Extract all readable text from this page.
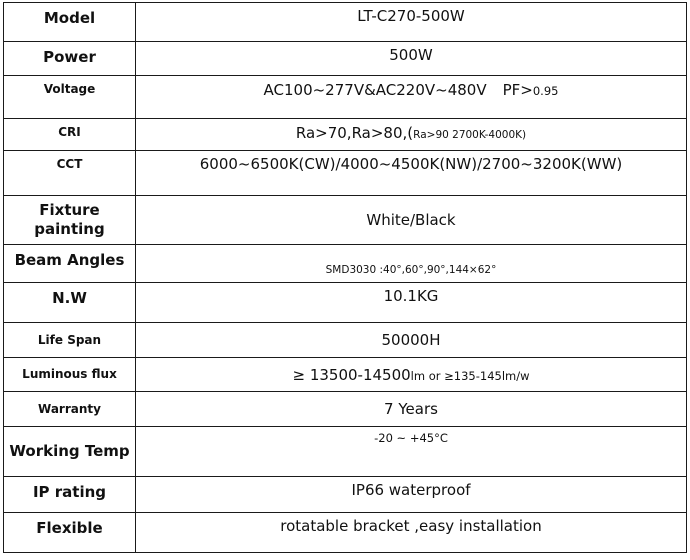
Model	LT-C270-500W
Power	500W
Voltage	AC100~277V&AC220V~480V PF>0.95
CRI	Ra>70,Ra>80,(Ra>90 2700K-4000K)
CCT	6000~6500K(CW)/4000~4500K(NW)/2700~3200K(WW)
Fixture painting	White/Black
Beam Angles	SMD3030 :40°,60°,90°,144×62°
N.W	10.1KG
Life Span	50000H
Luminous flux	≥ 13500-14500lm or ≥135-145lm/w
Warranty	7 Years
Working Temp	-20 ~ +45°C
IP rating	IP66 waterproof
Flexible	rotatable bracket ,easy installation
